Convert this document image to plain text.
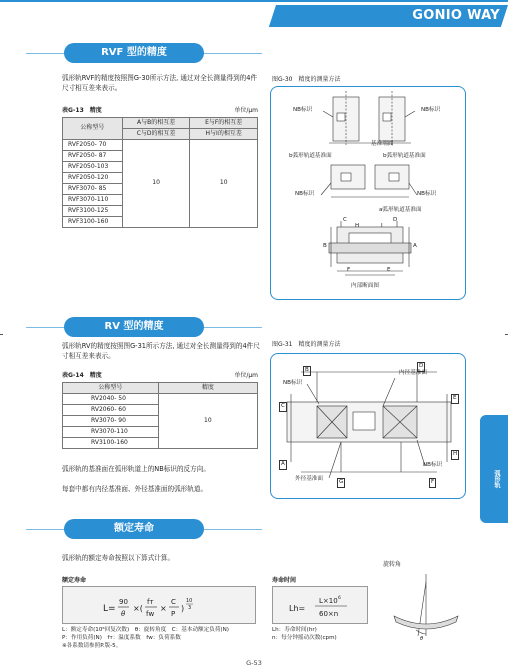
GONIO WAY
RVF 型的精度
弧形轨RVF的精度按照图G-30所示方法, 通过对全长测量得到的4件尺寸相互差来表示。
表G-13　精度	单位/μm
公称型号	A与B的相互差	E与F的相互差
	C与D的相互差	H与I的相互差
RVF2050- 70	10	10
RVF2050- 87		
RVF2050-103		
RVF2050-120		
RVF3070- 85		
RVF3070-110		
RVF3100-125		
RVF3100-160		
图G-30　精度的测量方法
NB标识	NB标识
基准端面
b弧形轨道基准面	b弧形轨道基准面
NB标识	NB标识
a弧形轨道基准面
C	D
H	I
B	A
F	E
内部断面图
RV 型的精度
弧形轨RV的精度按照图G-31所示方法, 通过对全长测量得到的4件尺寸相互差来表示。
表G-14　精度	单位/μm
公称型号	精度
RV2040- 50	10
RV2060- 60	
RV3070- 90	
RV3070-110	
RV3100-160	
弧形轨的基准面在弧形轨道上的NB标识的反方向。
每套中都有内径基准面、外径基准面的弧形轨道。
图G-31　精度的测量方法
B
D
C
E
A
H
G	F
NB标识
内径基准面
NB标识
外径基准面	弧形轨
额定寿命
弧形轨的额定寿命按照以下算式计算。
额定寿命	寿命时间
旋转角
L=
90
θ
×(
fᴛ
fᴡ
×
C
P
)
10
3	Lh=
L×10 6
60×n
θ
L：额定寿命(10⁶回复次数)　θ：旋转角度　C：基本动额定负荷(N)
P：作用负荷(N)　fᴛ：温度系数　fᴡ：负荷系数
※各系数请参照P.版-5。
Lh：寿命时间(hr)
n：每分钟摇动次数(cpm)
G-53
